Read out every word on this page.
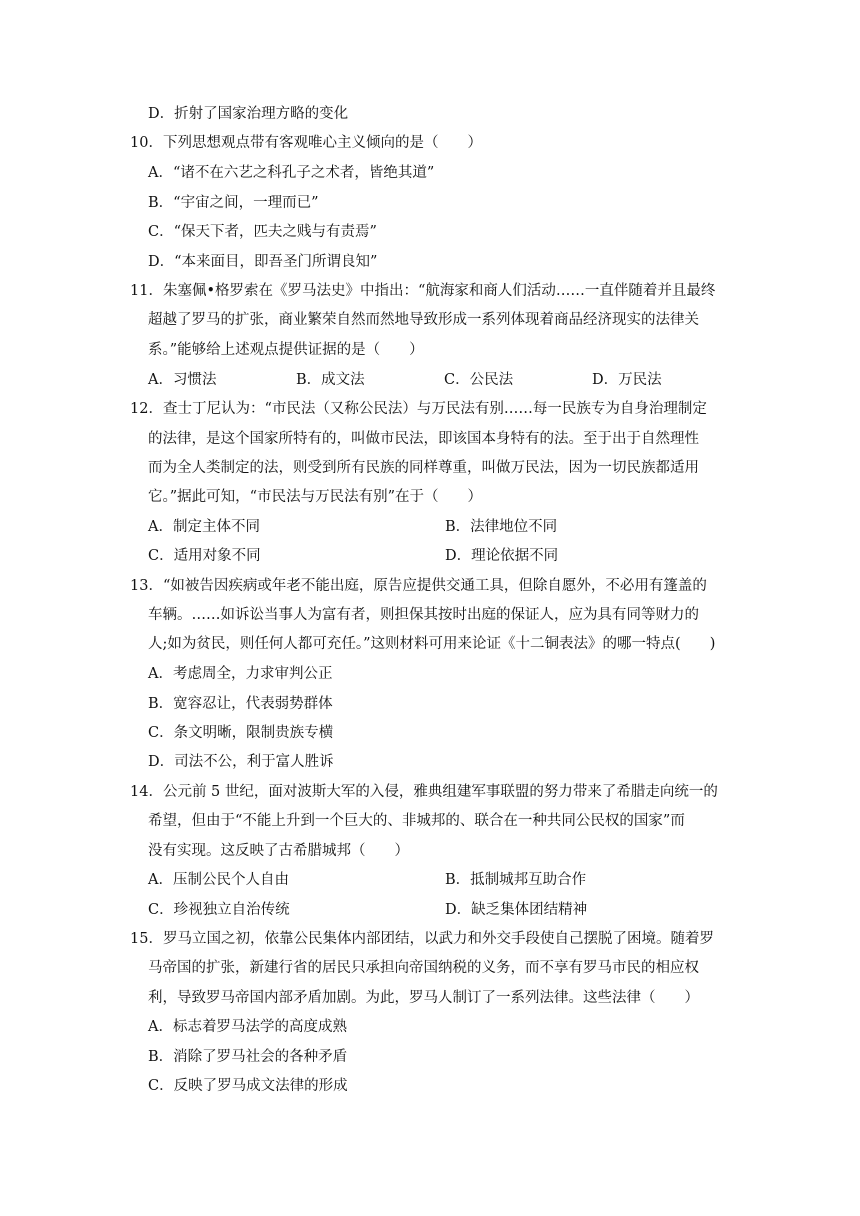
D．折射了国家治理方略的变化
10．下列思想观点带有客观唯心主义倾向的是（　　）
A．“诸不在六艺之科孔子之术者，皆绝其道”
B．“宇宙之间，一理而已”
C．“保天下者，匹夫之贱与有责焉”
D．“本来面目，即吾圣门所谓良知”
11．朱塞佩•格罗索在《罗马法史》中指出：“航海家和商人们活动……一直伴随着并且最终
超越了罗马的扩张，商业繁荣自然而然地导致形成一系列体现着商品经济现实的法律关
系。”能够给上述观点提供证据的是（　　）
A．习惯法	B．成文法	C．公民法	D．万民法
12．查士丁尼认为：“市民法（又称公民法）与万民法有别……每一民族专为自身治理制定
的法律，是这个国家所特有的，叫做市民法，即该国本身特有的法。至于出于自然理性
而为全人类制定的法，则受到所有民族的同样尊重，叫做万民法，因为一切民族都适用
它。”据此可知，“市民法与万民法有别”在于（　　）
A．制定主体不同	B．法律地位不同
C．适用对象不同	D．理论依据不同
13．“如被告因疾病或年老不能出庭，原告应提供交通工具，但除自愿外，不必用有篷盖的
车辆。……如诉讼当事人为富有者，则担保其按时出庭的保证人，应为具有同等财力的
人;如为贫民，则任何人都可充任。”这则材料可用来论证《十二铜表法》的哪一特点(　　)
A．考虑周全，力求审判公正
B．宽容忍让，代表弱势群体
C．条文明晰，限制贵族专横
D．司法不公，利于富人胜诉
14．公元前 5 世纪，面对波斯大军的入侵，雅典组建军事联盟的努力带来了希腊走向统一的
希望，但由于“不能上升到一个巨大的、非城邦的、联合在一种共同公民权的国家”而
没有实现。这反映了古希腊城邦（　　）
A．压制公民个人自由	B．抵制城邦互助合作
C．珍视独立自治传统	D．缺乏集体团结精神
15．罗马立国之初，依靠公民集体内部团结，以武力和外交手段使自己摆脱了困境。随着罗
马帝国的扩张，新建行省的居民只承担向帝国纳税的义务，而不享有罗马市民的相应权
利，导致罗马帝国内部矛盾加剧。为此，罗马人制订了一系列法律。这些法律（　　）
A．标志着罗马法学的高度成熟
B．消除了罗马社会的各种矛盾
C．反映了罗马成文法律的形成
